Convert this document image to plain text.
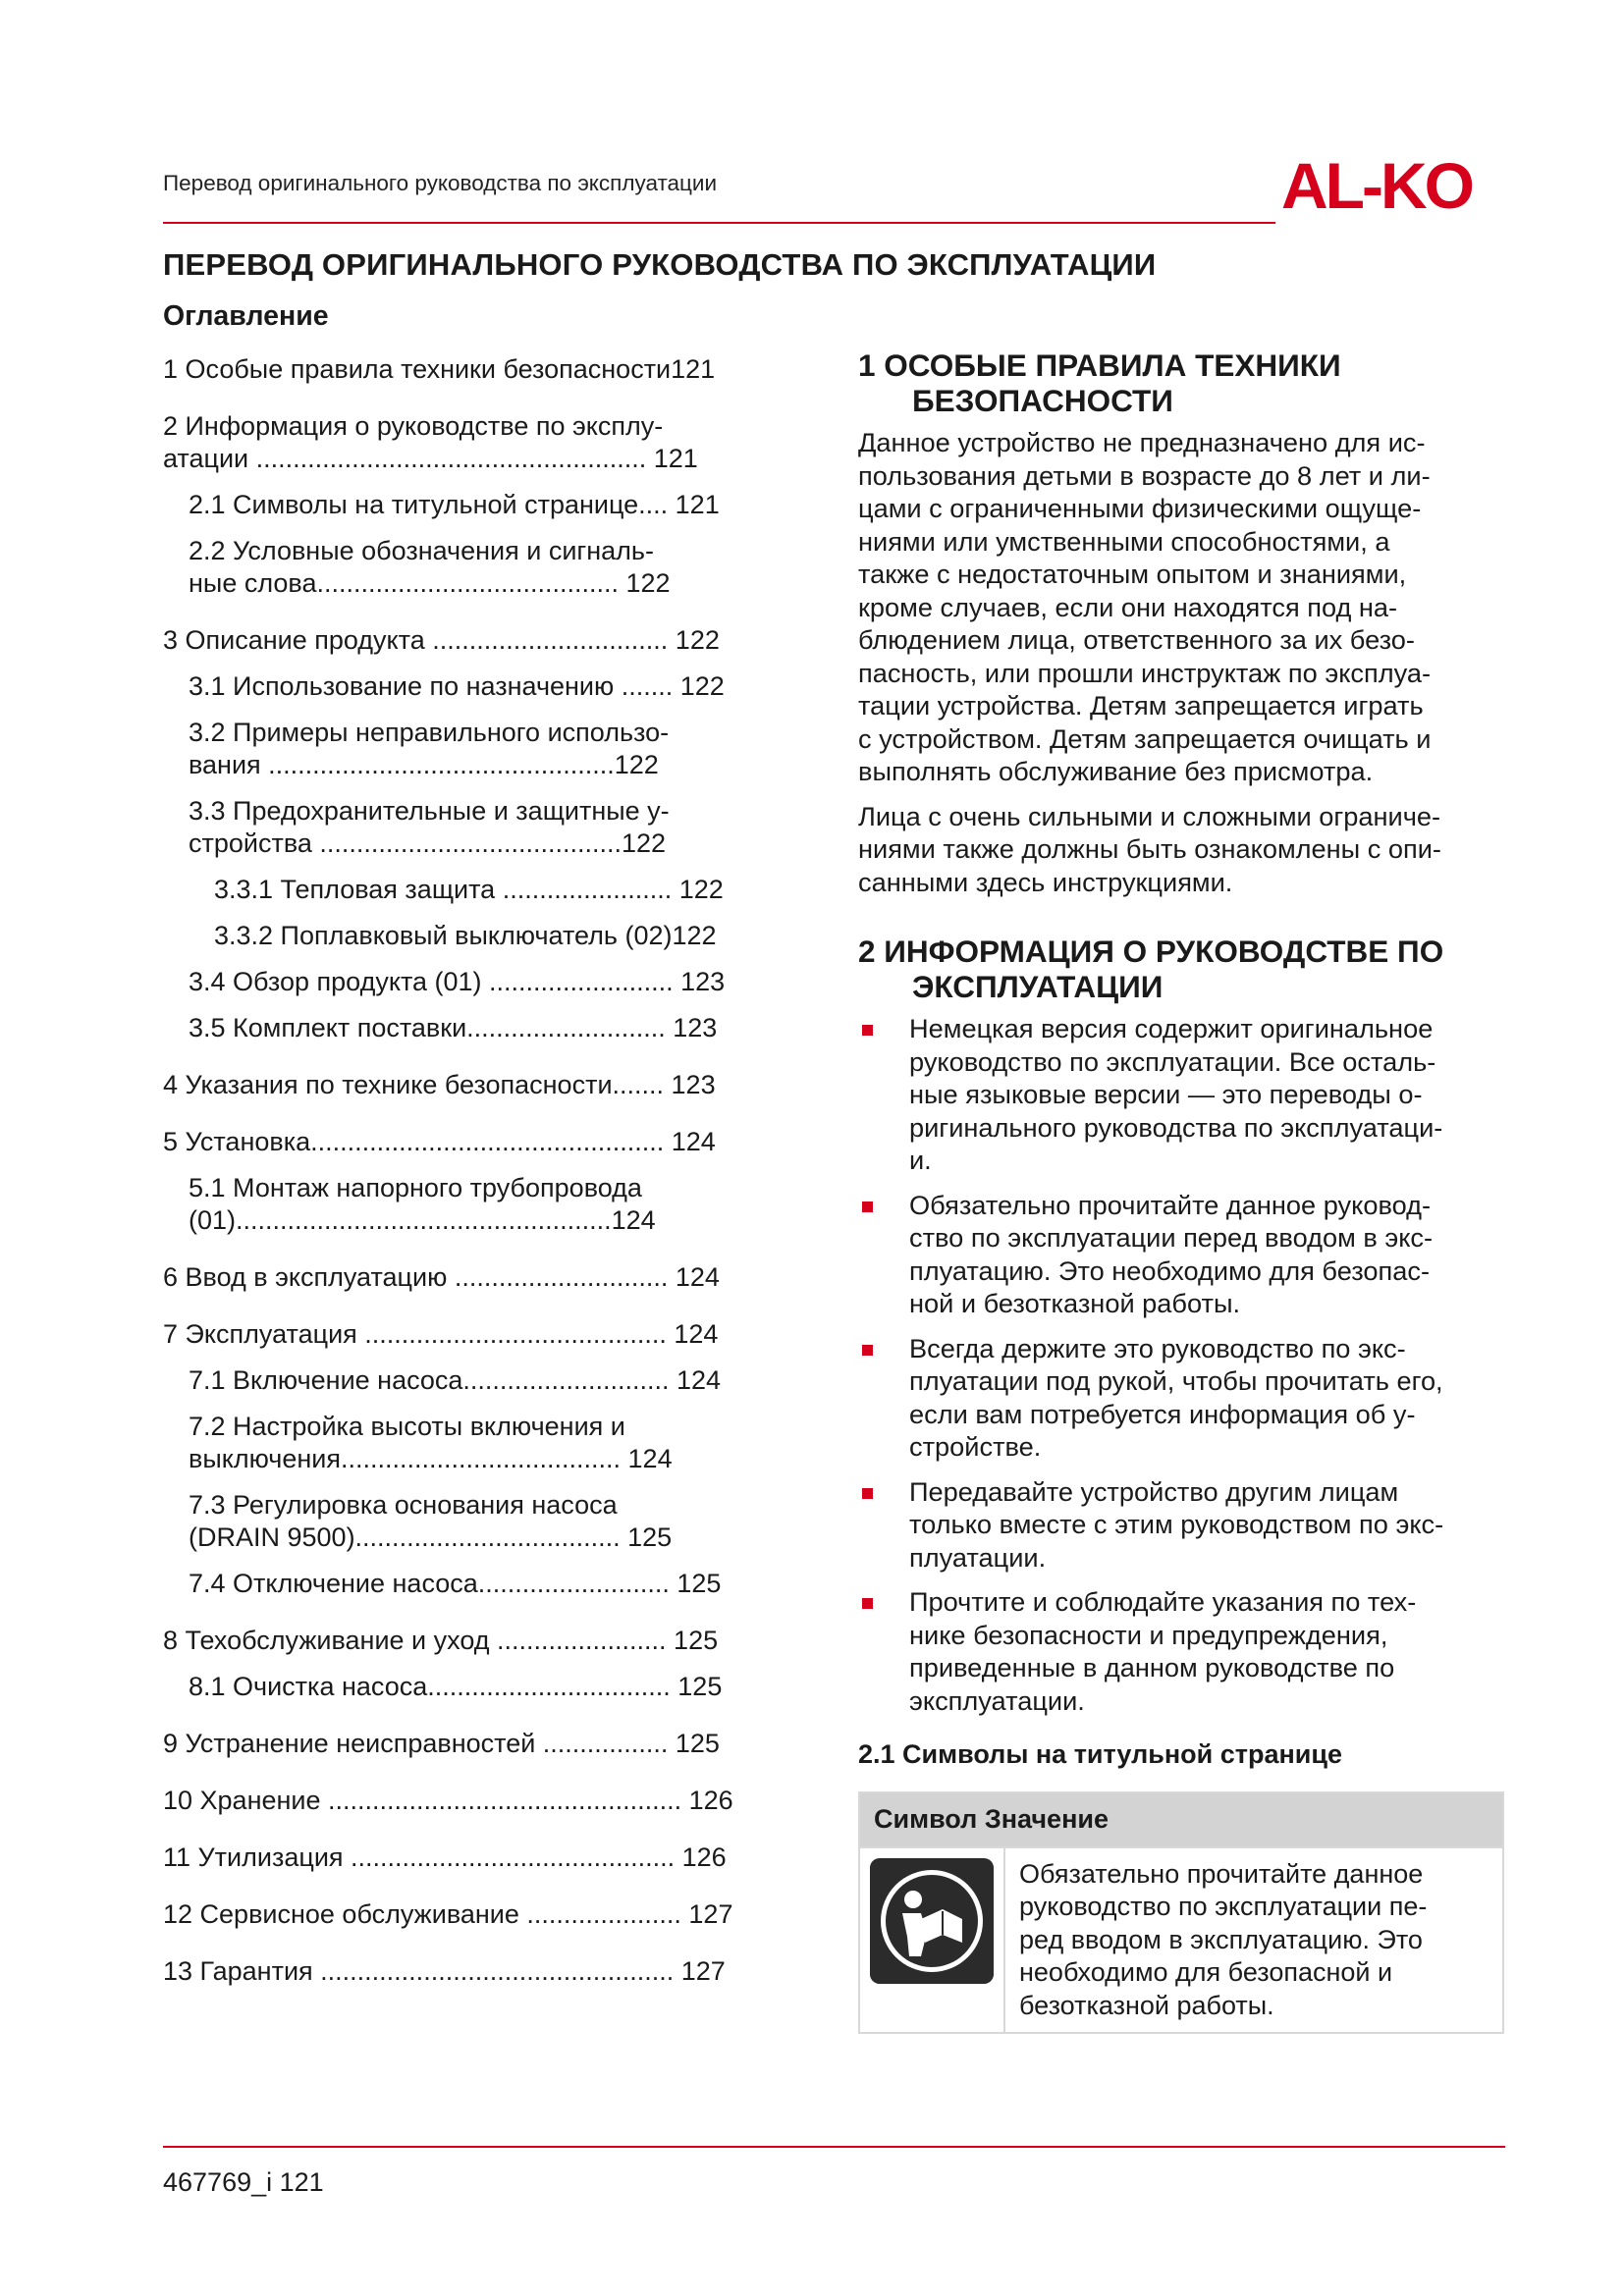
Перевод оригинального руководства по эксплуатации	AL-KO
ПЕРЕВОД ОРИГИНАЛЬНОГО РУКОВОДСТВА ПО ЭКСПЛУАТАЦИИ
Оглавление
1 Особые правила техники безопасности121
2 Информация о руководстве по эксплу-
атации ..................................................... 121
2.1 Символы на титульной странице.... 121
2.2 Условные обозначения и сигналь-
ные слова......................................... 122
3 Описание продукта ................................ 122
3.1 Использование по назначению ....... 122
3.2 Примеры неправильного использо-
вания ...............................................122
3.3 Предохранительные и защитные у-
стройства .........................................122
3.3.1 Тепловая защита ....................... 122
3.3.2 Поплавковый выключатель (02)122
3.4 Обзор продукта (01) ......................... 123
3.5 Комплект поставки........................... 123
4 Указания по технике безопасности....... 123
5 Установка................................................ 124
5.1 Монтаж напорного трубопровода
(01)...................................................124
6 Ввод в эксплуатацию ............................. 124
7 Эксплуатация ......................................... 124
7.1 Включение насоса............................ 124
7.2 Настройка высоты включения и
выключения...................................... 124
7.3 Регулировка основания насоса
(DRAIN 9500).................................... 125
7.4 Отключение насоса.......................... 125
8 Техобслуживание и уход ....................... 125
8.1 Очистка насоса................................. 125
9 Устранение неисправностей ................. 125
10 Хранение ................................................ 126
11 Утилизация ............................................ 126
12 Сервисное обслуживание ..................... 127
13 Гарантия ................................................ 127
1 ОСОБЫЕ ПРАВИЛА ТЕХНИКИ БЕЗОПАСНОСТИ

Данное устройство не предназначено для ис-
пользования детьми в возрасте до 8 лет и ли-
цами с ограниченными физическими ощуще-
ниями или умственными способностями, а
также с недостаточным опытом и знаниями,
кроме случаев, если они находятся под на-
блюдением лица, ответственного за их безо-
пасность, или прошли инструктаж по эксплуа-
тации устройства. Детям запрещается играть
с устройством. Детям запрещается очищать и
выполнять обслуживание без присмотра.

Лица с очень сильными и сложными ограниче-
ниями также должны быть ознакомлены с опи-
санными здесь инструкциями.

2 ИНФОРМАЦИЯ О РУКОВОДСТВЕ ПО ЭКСПЛУАТАЦИИ
Немецкая версия содержит оригинальное
руководство по эксплуатации. Все осталь-
ные языковые версии — это переводы о-
ригинального руководства по эксплуатаци-
и.
Обязательно прочитайте данное руковод-
ство по эксплуатации перед вводом в экс-
плуатацию. Это необходимо для безопас-
ной и безотказной работы.
Всегда держите это руководство по экс-
плуатации под рукой, чтобы прочитать его,
если вам потребуется информация об у-
стройстве.
Передавайте устройство другим лицам
только вместе с этим руководством по экс-
плуатации.
Прочтите и соблюдайте указания по тех-
нике безопасности и предупреждения,
приведенные в данном руководстве по
эксплуатации.
2.1 Символы на титульной странице
Символ Значение

	Обязательно прочитайте данное
руководство по эксплуатации пе-
ред вводом в эксплуатацию. Это
необходимо для безопасной и
безотказной работы.
467769_i 121
